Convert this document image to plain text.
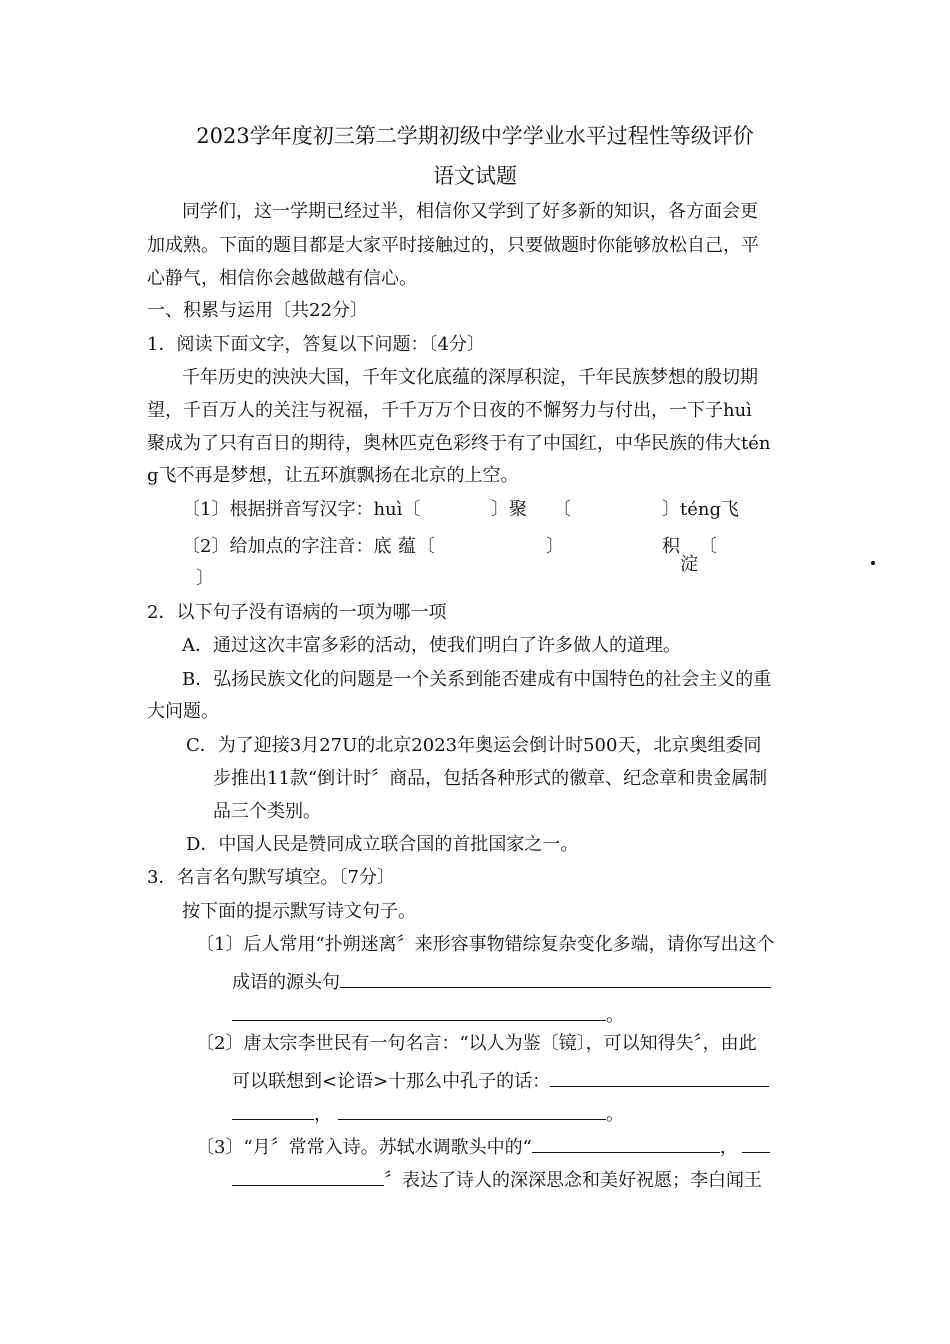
2023学年度初三第二学期初级中学学业水平过程性等级评价
语文试题
同学们，这一学期已经过半，相信你又学到了好多新的知识，各方面会更
加成熟。下面的题目都是大家平时接触过的，只要做题时你能够放松自己，平
心静气，相信你会越做越有信心。
一、积累与运用〔共22分〕
1．阅读下面文字，答复以下问题：〔4分〕
千年历史的泱泱大国，千年文化底蕴的深厚积淀，千年民族梦想的殷切期
望，千百万人的关注与祝福，千千万万个日夜的不懈努力与付出，一下子huì
聚成为了只有百日的期待，奥林匹克色彩终于有了中国红，中华民族的伟大tén
g飞不再是梦想，让五环旗飘扬在北京的上空。
〔1〕根据拼音写汉字：huì〔	〕聚 〔	〕téng飞
〔2〕给加点的字注音：底 蕴 〔	〕	积
淀
〔
〕
2．以下句子没有语病的一项为哪一项
A．通过这次丰富多彩的活动，使我们明白了许多做人的道理。
B．弘扬民族文化的问题是一个关系到能否建成有中国特色的社会主义的重
大问题。
C．为了迎接3月27U的北京2023年奥运会倒计时500天，北京奥组委同
步推出11款“倒计时〞商品，包括各种形式的徽章、纪念章和贵金属制
品三个类别。
D．中国人民是赞同成立联合国的首批国家之一。
3．名言名句默写填空。〔7分〕
按下面的提示默写诗文句子。
〔1〕后人常用“扑朔迷离〞来形容事物错综复杂变化多端，请你写出这个
成语的源头句
。
〔2〕唐太宗李世民有一句名言：“以人为鉴〔镜〕，可以知得失〞，由此
可以联想到<论语>十那么中孔子的话：
，	。
〔3〕“月〞常常入诗。苏轼水调歌头中的“	，
〞表达了诗人的深深思念和美好祝愿；李白闻王
